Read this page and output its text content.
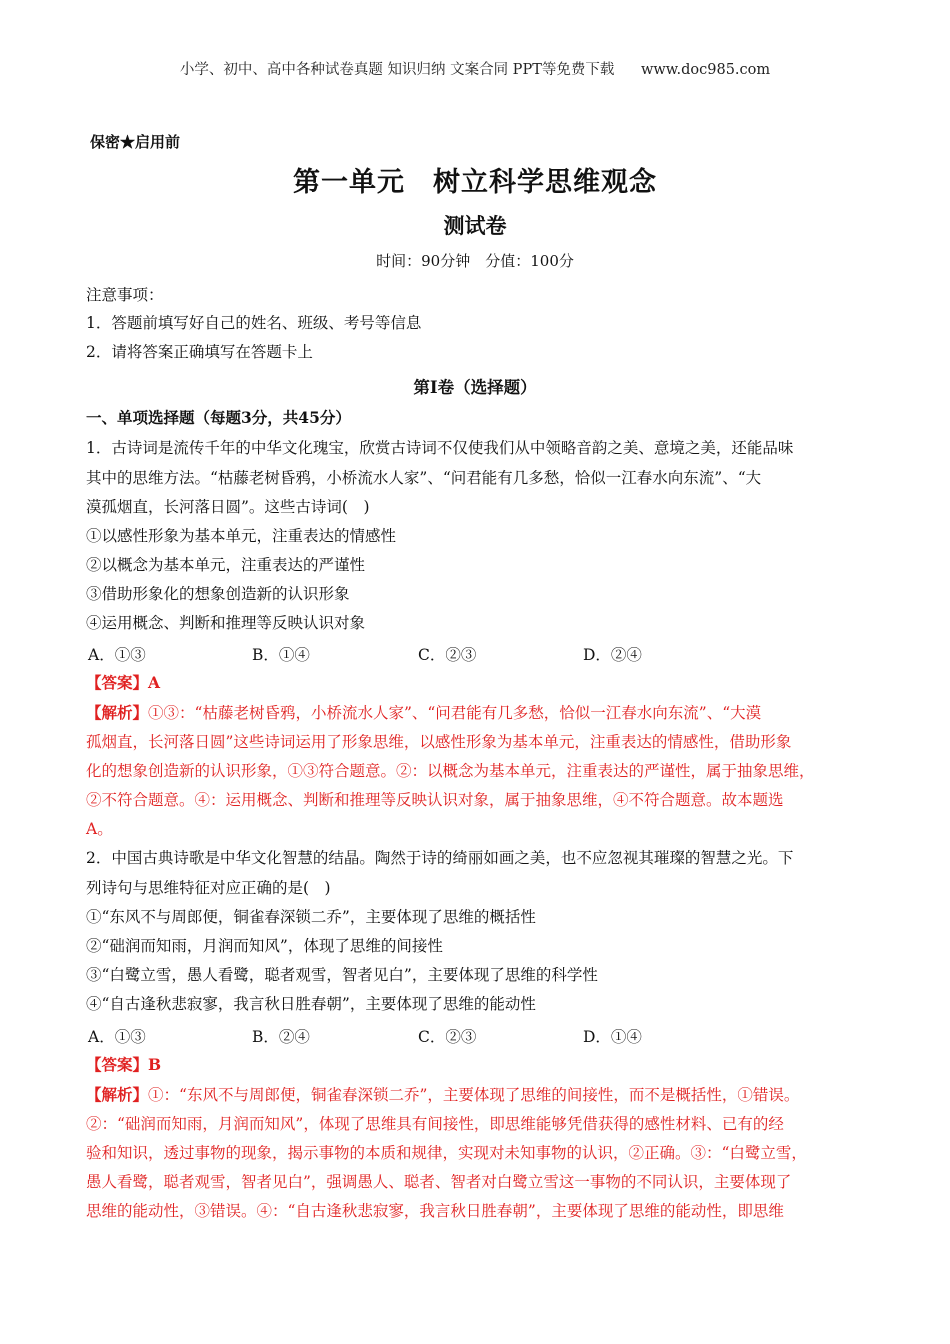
小学、初中、高中各种试卷真题 知识归纳 文案合同 PPT等免费下载 www.doc985.com
保密★启用前
第一单元　树立科学思维观念
测试卷
时间：90分钟　分值：100分
注意事项：
1．答题前填写好自己的姓名、班级、考号等信息
2．请将答案正确填写在答题卡上
第I卷（选择题）
一、单项选择题（每题3分，共45分）
1．古诗词是流传千年的中华文化瑰宝，欣赏古诗词不仅使我们从中领略音韵之美、意境之美，还能品味
其中的思维方法。“枯藤老树昏鸦，小桥流水人家”、“问君能有几多愁，恰似一江春水向东流”、“大
漠孤烟直，长河落日圆”。这些古诗词(　)
①以感性形象为基本单元，注重表达的情感性
②以概念为基本单元，注重表达的严谨性
③借助形象化的想象创造新的认识形象
④运用概念、判断和推理等反映认识对象
A．①③	B．①④	C．②③	D．②④
【答案】A
【解析】①③：“枯藤老树昏鸦，小桥流水人家”、“问君能有几多愁，恰似一江春水向东流”、“大漠
孤烟直，长河落日圆”这些诗词运用了形象思维，以感性形象为基本单元，注重表达的情感性，借助形象
化的想象创造新的认识形象，①③符合题意。②：以概念为基本单元，注重表达的严谨性，属于抽象思维，
②不符合题意。④：运用概念、判断和推理等反映认识对象，属于抽象思维，④不符合题意。故本题选
A。
2．中国古典诗歌是中华文化智慧的结晶。陶然于诗的绮丽如画之美，也不应忽视其璀璨的智慧之光。下
列诗句与思维特征对应正确的是(　)
①“东风不与周郎便，铜雀春深锁二乔”，主要体现了思维的概括性
②“础润而知雨，月润而知风”，体现了思维的间接性
③“白鹭立雪，愚人看鹭，聪者观雪，智者见白”，主要体现了思维的科学性
④“自古逢秋悲寂寥，我言秋日胜春朝”，主要体现了思维的能动性
A．①③	B．②④	C．②③	D．①④
【答案】B
【解析】①：“东风不与周郎便，铜雀春深锁二乔”，主要体现了思维的间接性，而不是概括性，①错误。
②：“础润而知雨，月润而知风”，体现了思维具有间接性，即思维能够凭借获得的感性材料、已有的经
验和知识，透过事物的现象，揭示事物的本质和规律，实现对未知事物的认识，②正确。③：“白鹭立雪，
愚人看鹭，聪者观雪，智者见白”，强调愚人、聪者、智者对白鹭立雪这一事物的不同认识，主要体现了
思维的能动性，③错误。④：“自古逢秋悲寂寥，我言秋日胜春朝”，主要体现了思维的能动性，即思维
